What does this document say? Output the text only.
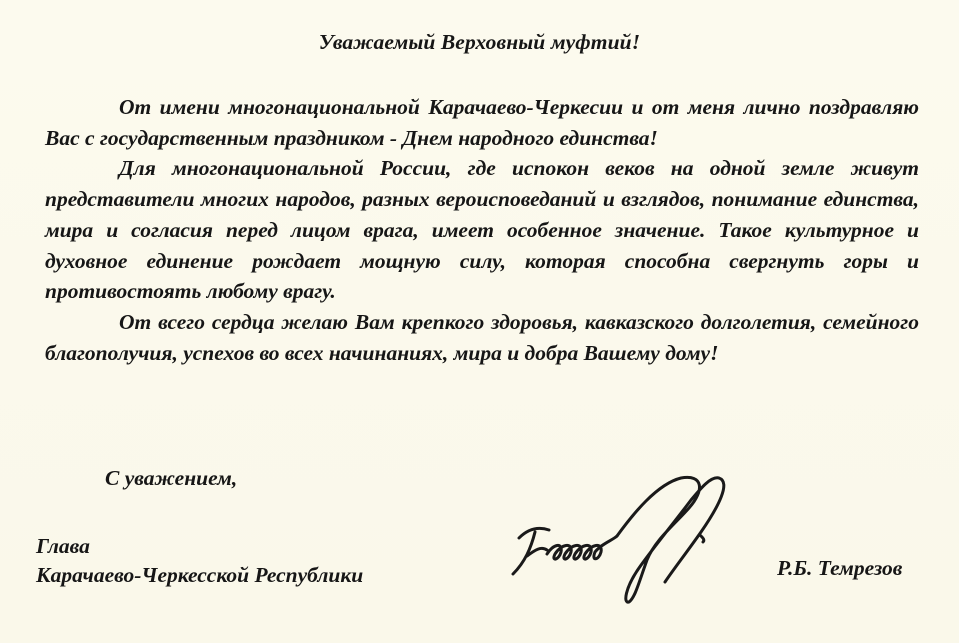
Уважаемый Верховный муфтий!

От имени многонациональной Карачаево-Черкесии и от меня лично поздравляю Вас с государственным праздником - Днем народного единства!

Для многонациональной России, где испокон веков на одной земле живут представители многих народов, разных вероисповеданий и взглядов, понимание единства, мира и согласия перед лицом врага, имеет особенное значение. Такое культурное и духовное единение рождает мощную силу, которая способна свергнуть горы и противостоять любому врагу.

От всего сердца желаю Вам крепкого здоровья, кавказского долголетия, семейного благополучия, успехов во всех начинаниях, мира и добра Вашему дому!

С уважением,
Глава
Карачаево-Черкесской Республики	Р.Б. Темрезов
